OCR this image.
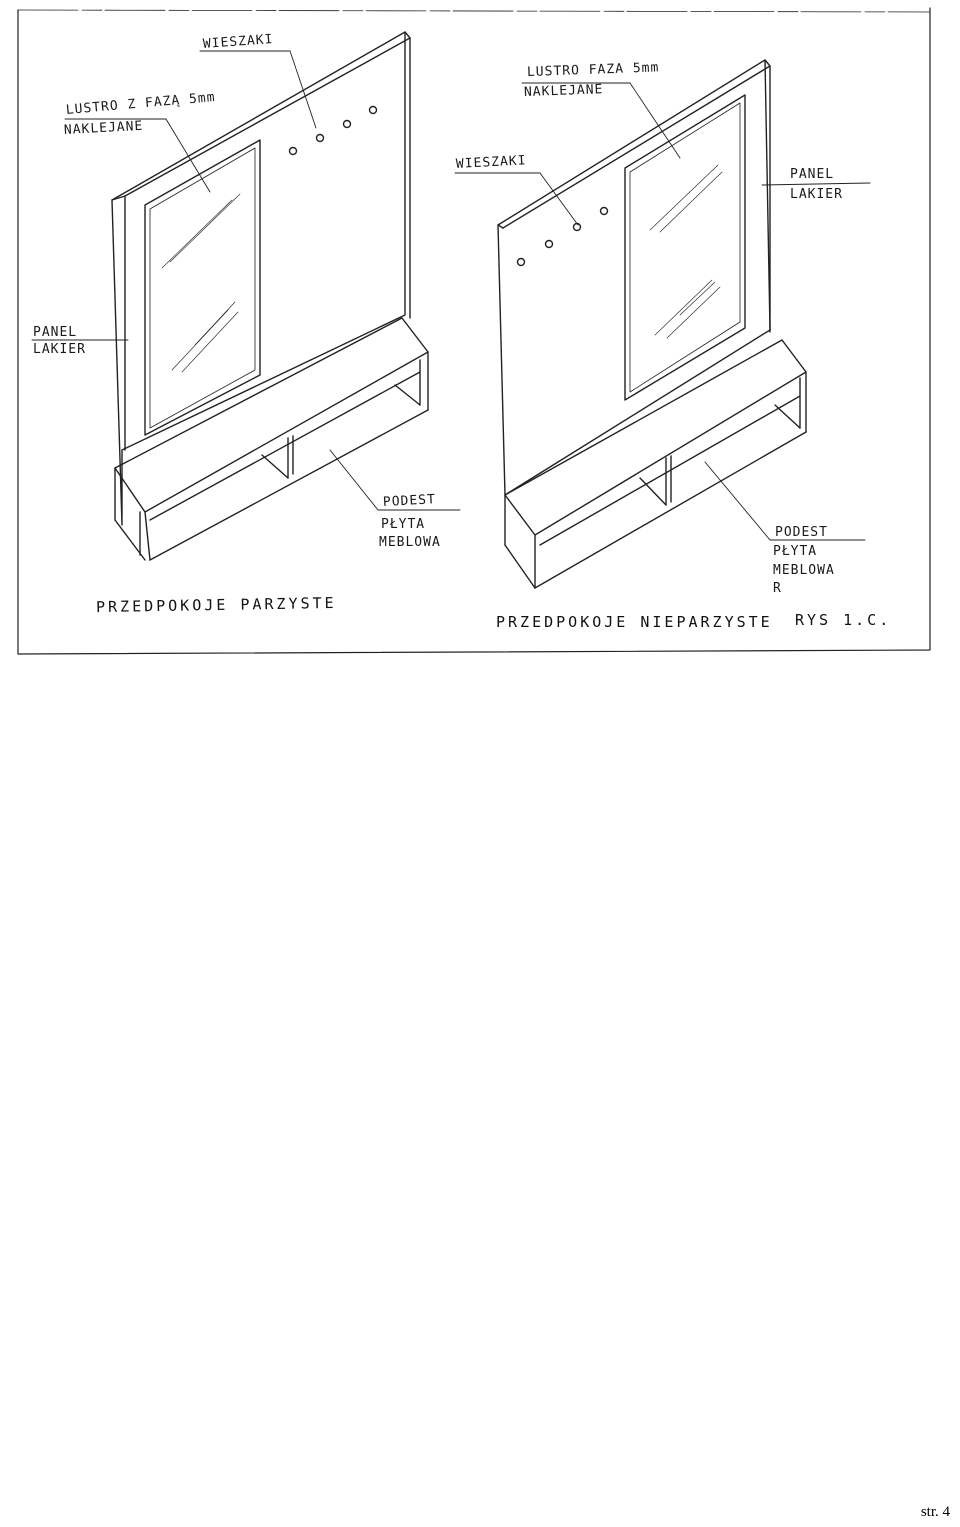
WIESZAKI
LUSTRO Z FAZĄ 5mm
NAKLEJANE
PANEL
LAKIER
PODEST
PŁYTA
MEBLOWA
PRZEDPOKOJE PARZYSTE
LUSTRO FAZA 5mm
NAKLEJANE
WIESZAKI
PANEL
LAKIER
PODEST
PŁYTA
MEBLOWA
R
PRZEDPOKOJE NIEPARZYSTE RYS 1.C.
str. 4
